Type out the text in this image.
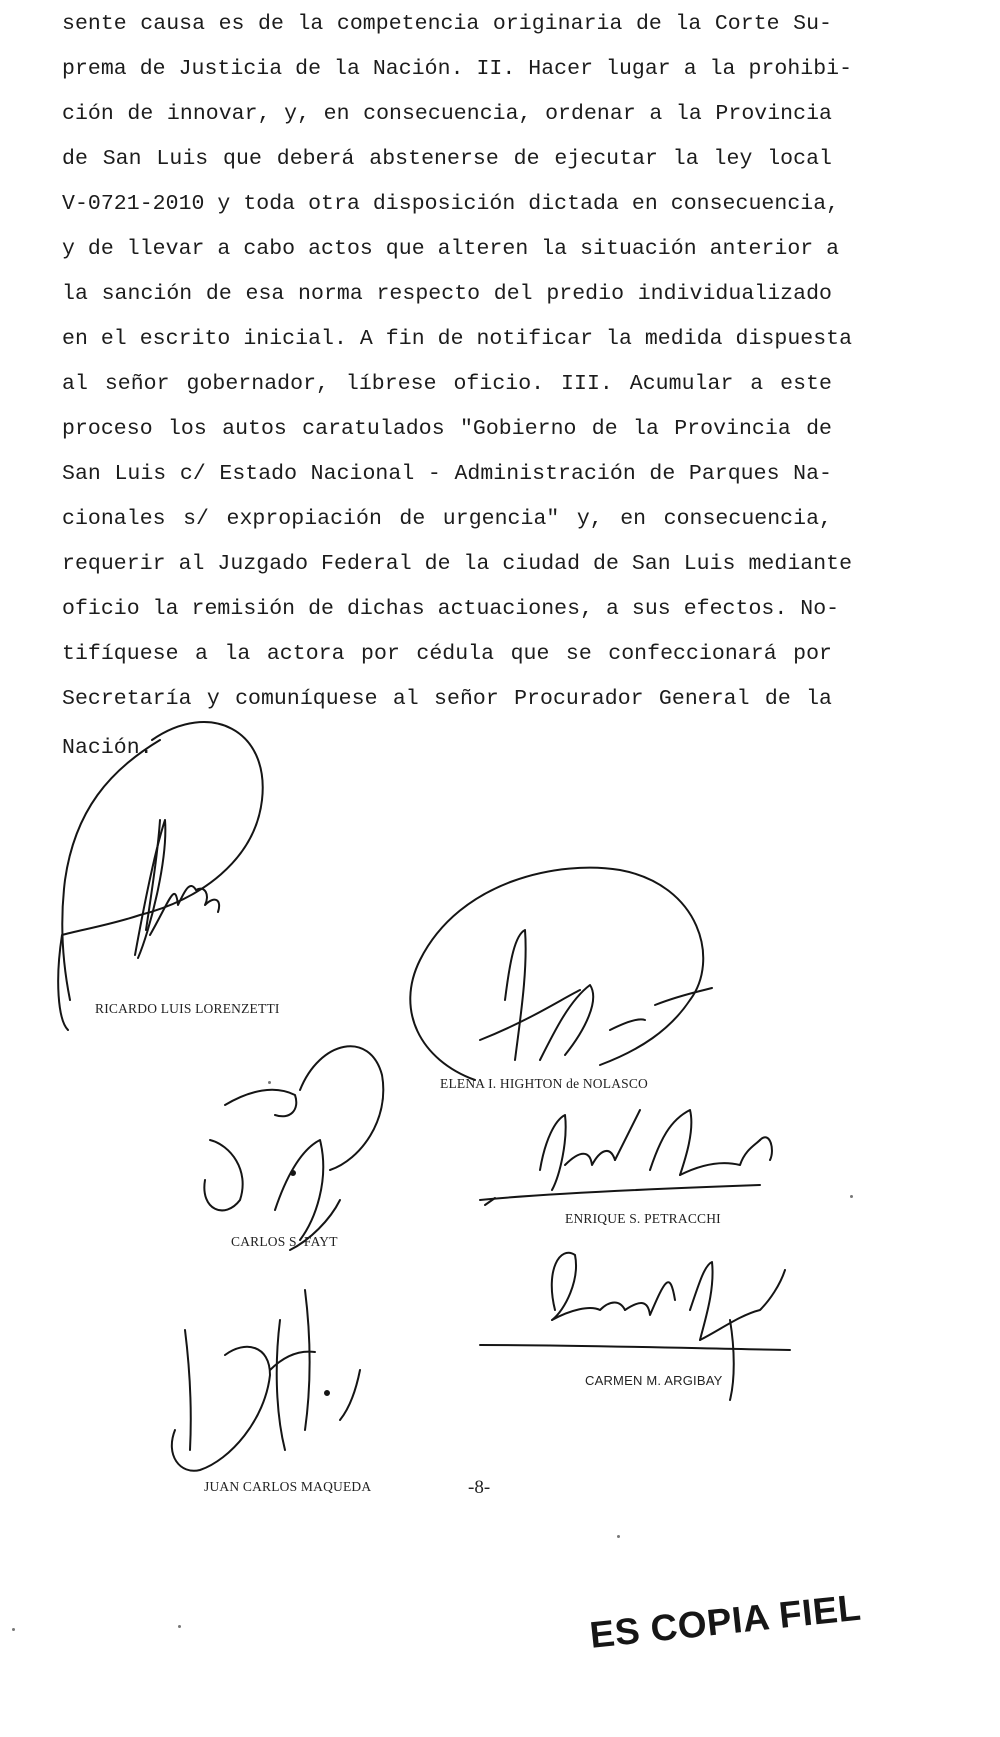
sente causa es de la competencia originaria de la Corte Su-
prema de Justicia de la Nación. II. Hacer lugar a la prohibi-
ción de innovar, y, en consecuencia, ordenar a la Provincia
de San Luis que deberá abstenerse de ejecutar la ley local
V-0721-2010 y toda otra disposición dictada en consecuencia,
y de llevar a cabo actos que alteren la situación anterior a
la sanción de esa norma respecto del predio individualizado
en el escrito inicial. A fin de notificar la medida dispuesta
al señor gobernador, líbrese oficio. III. Acumular a este
proceso los autos caratulados "Gobierno de la Provincia de
San Luis c/ Estado Nacional - Administración de Parques Na-
cionales s/ expropiación de urgencia" y, en consecuencia,
requerir al Juzgado Federal de la ciudad de San Luis mediante
oficio la remisión de dichas actuaciones, a sus efectos. No-
tifíquese a la actora por cédula que se confeccionará por
Secretaría y comuníquese al señor Procurador General de la
Nación.
RICARDO LUIS LORENZETTI
ELENA I. HIGHTON de NOLASCO
CARLOS S. FAYT
ENRIQUE S. PETRACCHI
CARMEN M. ARGIBAY
JUAN CARLOS MAQUEDA	-8-
ES COPIA FIEL
